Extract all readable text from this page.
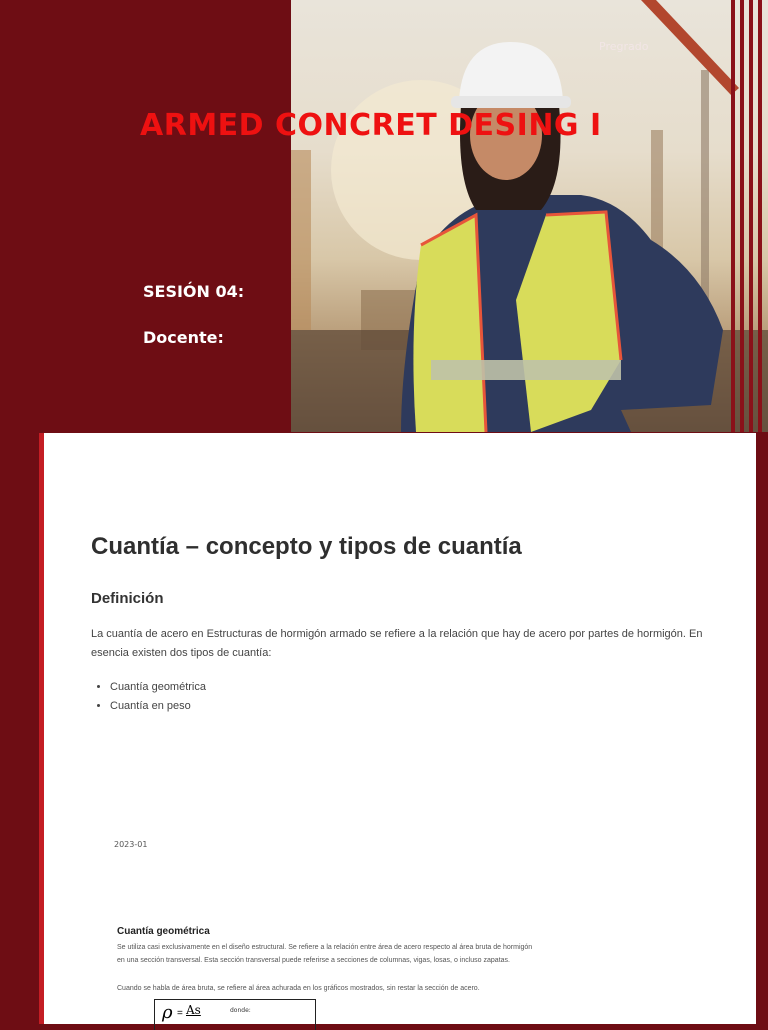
Pregrado
ARMED CONCRET DESING I
SESIÓN 04:
Docente:
Cuantía – concepto y tipos de cuantía
Definición
La cuantía de acero en Estructuras de hormigón armado se refiere a la relación que hay de acero por partes de hormigón. En esencia existen dos tipos de cuantía:
• Cuantía geométrica
• Cuantía en peso
2023-01
Cuantía geométrica
Se utiliza casi exclusivamente en el diseño estructural. Se refiere a la relación entre área de acero respecto al área bruta de hormigón en una sección transversal. Esta sección transversal puede referirse a secciones de columnas, vigas, losas, o incluso zapatas.
Cuando se habla de área bruta, se refiere al área achurada en los gráficos mostrados, sin restar la sección de acero.
ρ = As	donde:
